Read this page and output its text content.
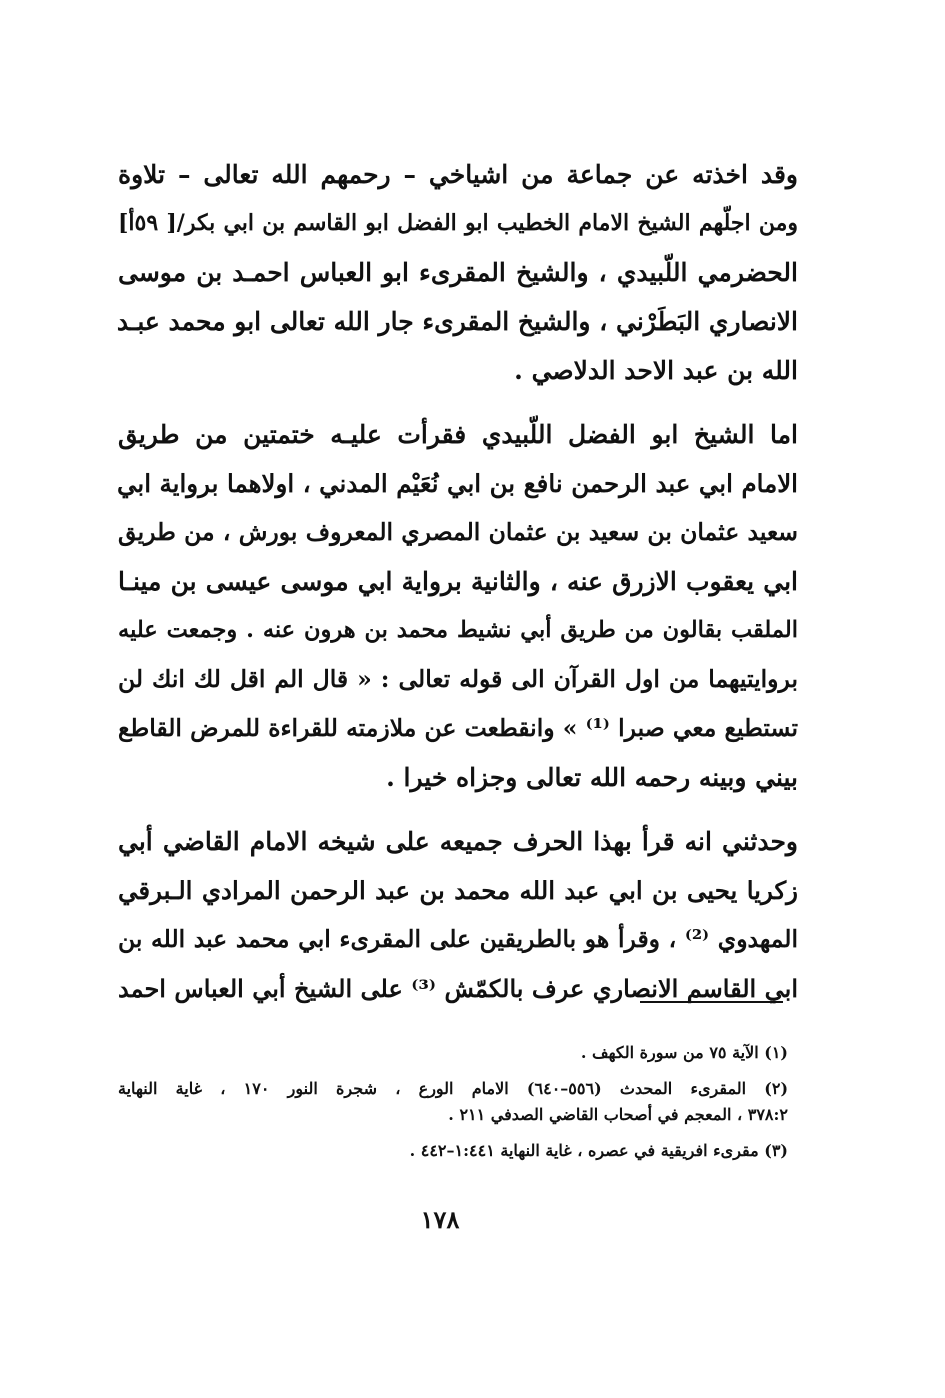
وقد اخذته عن جماعة من اشياخي – رحمهم الله تعالى – تلاوة
ومن اجلّهم الشيخ الامام الخطيب ابو الفضل ابو القاسم بن ابي بكر/[ ٥٩أ]
الحضرمي اللّبيدي ، والشيخ المقرىء ابو العباس احمـد بن موسى
الانصاري البَطَرْني ، والشيخ المقرىء جار الله تعالى ابو محمد عبـد
الله بن عبد الاحد الدلاصي .
اما الشيخ ابو الفضل اللّبيدي فقرأت عليـه ختمتين من طريق
الامام ابي عبد الرحمن نافع بن ابي نُعَيْم المدني ، اولاهما برواية ابي
سعيد عثمان بن سعيد بن عثمان المصري المعروف بورش ، من طريق
ابي يعقوب الازرق عنه ، والثانية برواية ابي موسى عيسى بن مينـا
الملقب بقالون من طريق أبي نشيط محمد بن هرون عنه . وجمعت عليه
بروايتيهما من اول القرآن الى قوله تعالى : « قال الم اقل لك انك لن
تستطيع معي صبرا ⁽¹⁾ » وانقطعت عن ملازمته للقراءة للمرض القاطع
بيني وبينه رحمه الله تعالى وجزاه خيرا .
وحدثني انه قرأ بهذا الحرف جميعه على شيخه الامام القاضي أبي
زكريا يحيى بن ابي عبد الله محمد بن عبد الرحمن المرادي الـبرقي
المهدوي ⁽²⁾ ، وقرأ هو بالطريقين على المقرىء ابي محمد عبد الله بن
ابي القاسم الانصاري عرف بالكمّش ⁽³⁾ على الشيخ أبي العباس احمد
(١) الآية ٧٥ من سورة الكهف .
(٢) المقرىء المحدث (٥٥٦–٦٤٠) الامام الورع ، شجرة النور ١٧٠ ، غاية النهاية
٣٧٨:٢ ، المعجم في أصحاب القاضي الصدفي ٢١١ .
(٣) مقرىء افريقية في عصره ، غاية النهاية ١:٤٤١–٤٤٢ .
١٧٨
